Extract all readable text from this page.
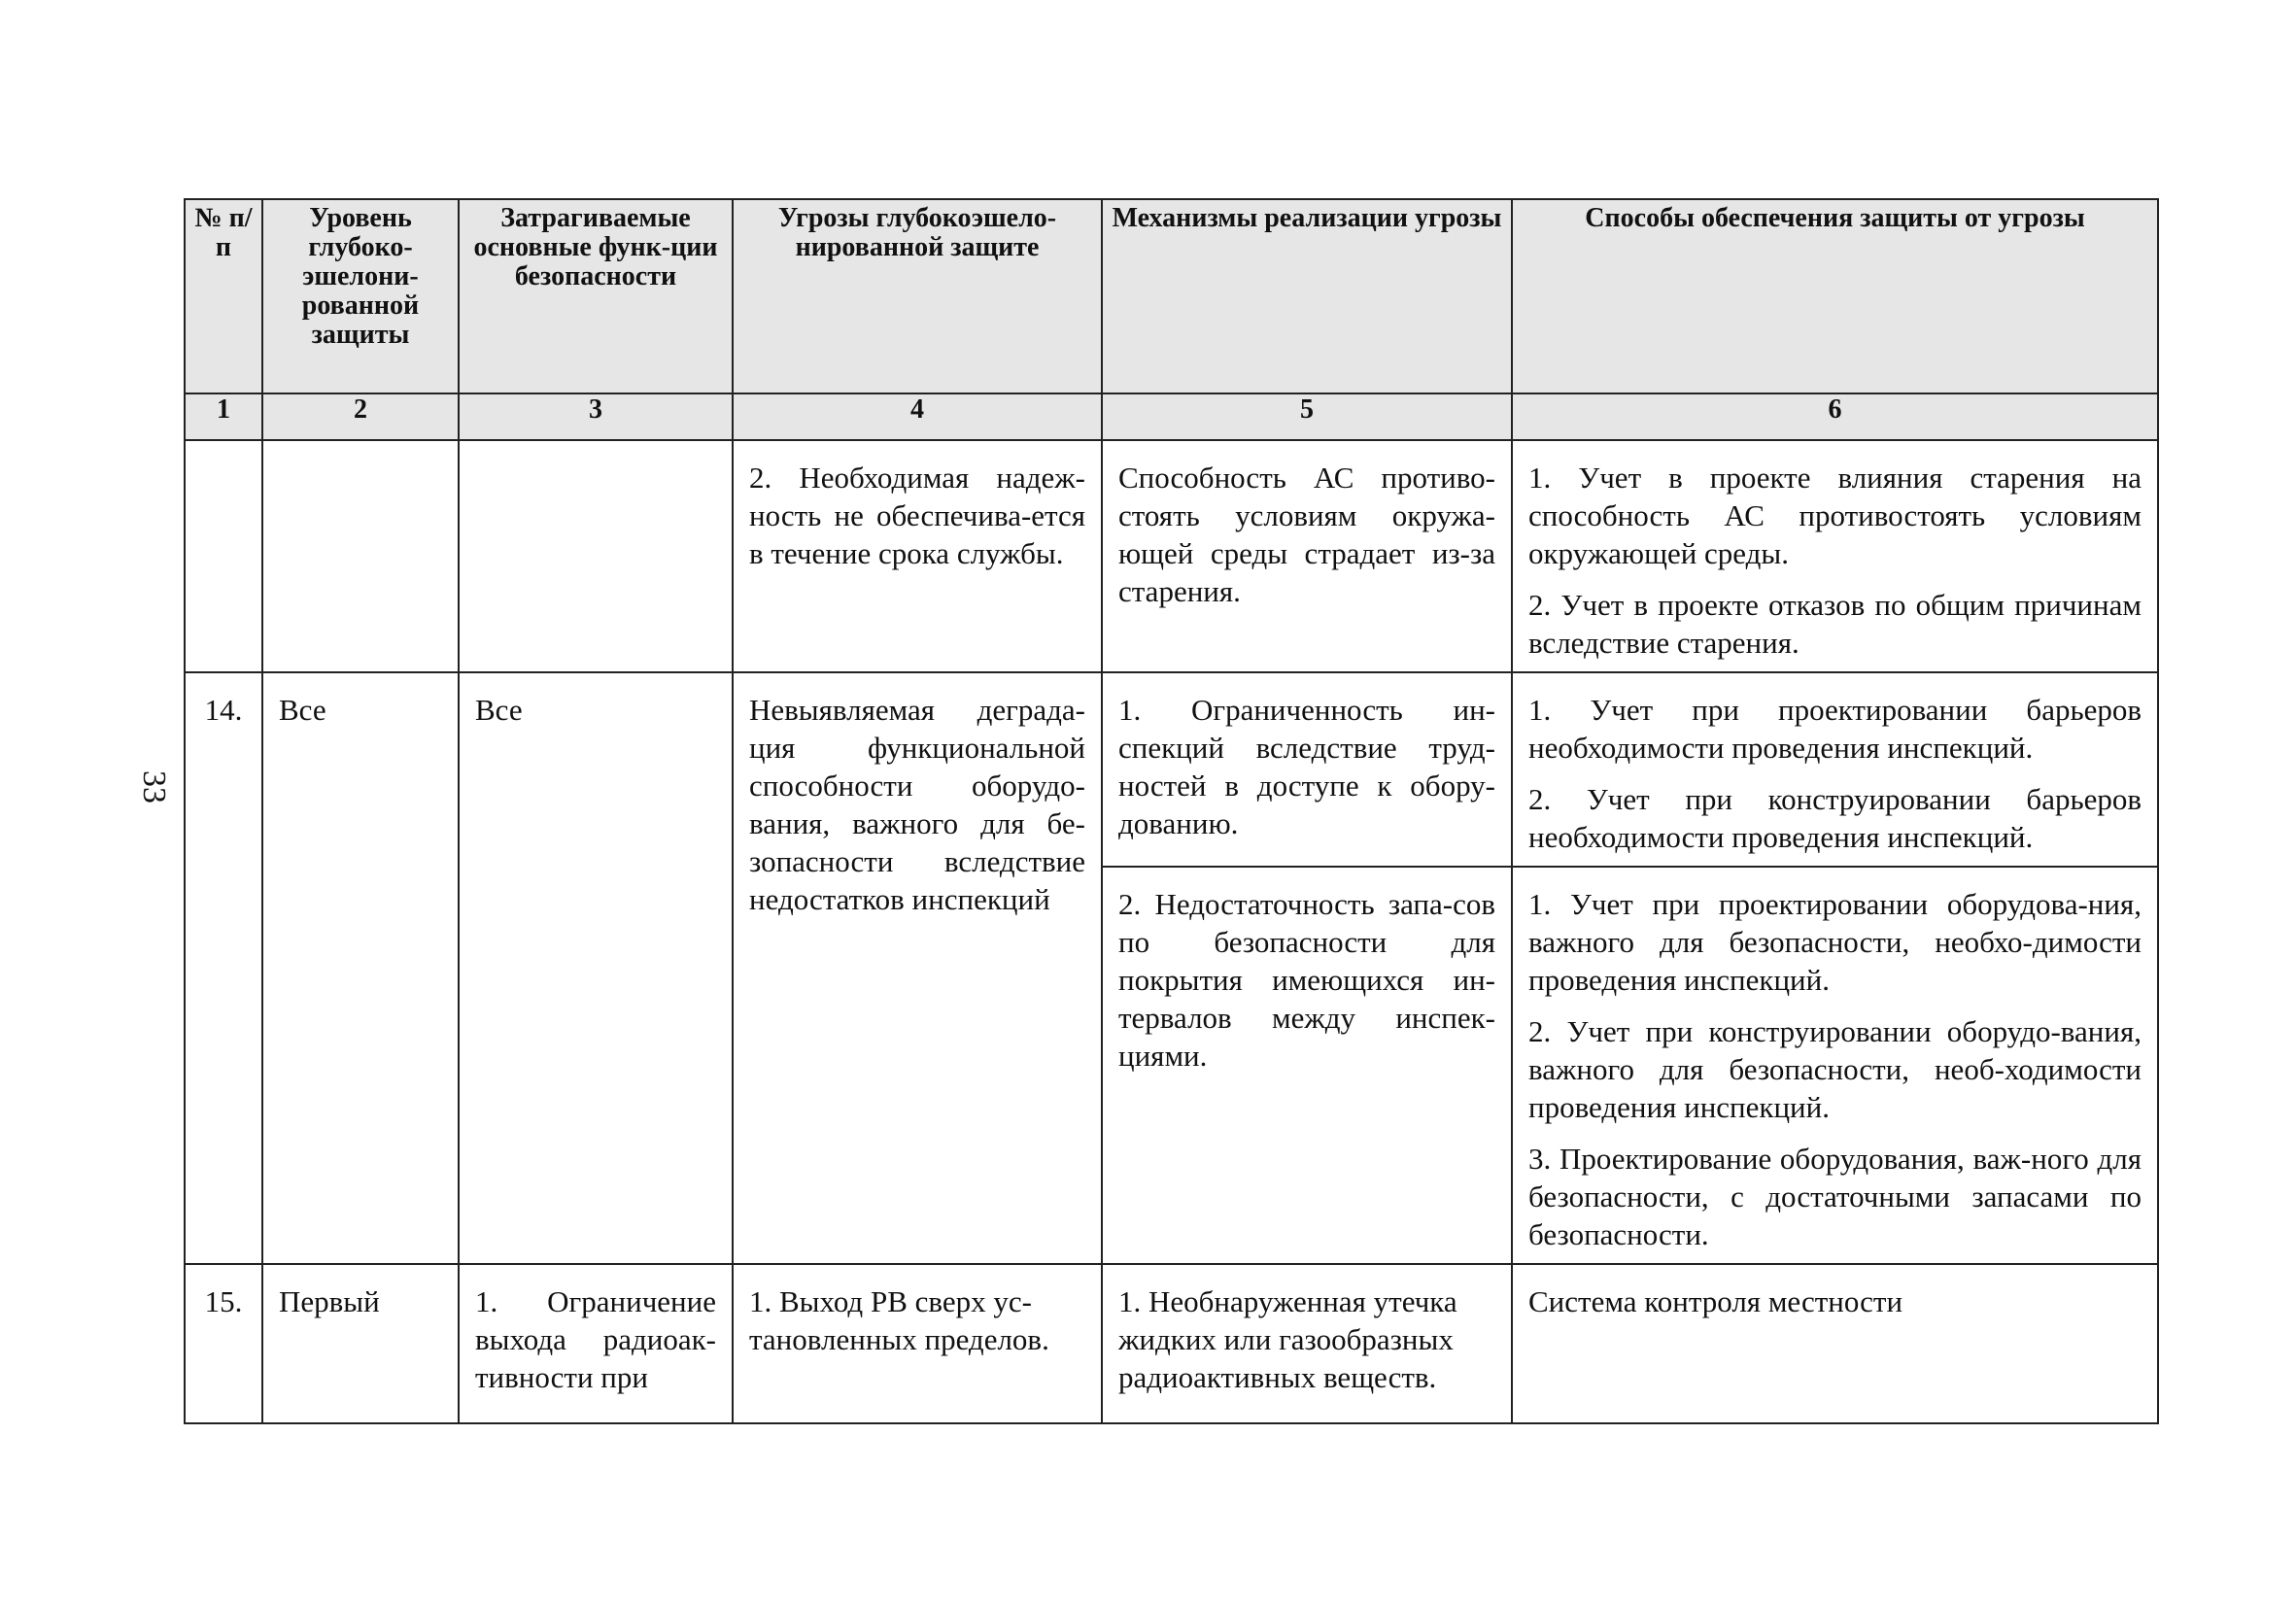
33
№ п/п	Уровень глубоко-эшелони-рованной защиты	Затрагиваемые основные функ-ции безопасности	Угрозы глубокоэшело-нированной защите	Механизмы реализации угрозы	Способы обеспечения защиты от угрозы
1	2	3	4	5	6
			2. Необходимая надеж-ность не обеспечива-ется в течение срока службы.	Способность АС противо-стоять условиям окружа-ющей среды страдает из-за старения.	1. Учет в проекте влияния старения на способность АС противостоять условиям окружающей среды.

2. Учет в проекте отказов по общим причинам вследствие старения.

14.	Все	Все	Невыявляемая деграда-ция функциональной способности оборудо-вания, важного для бе-зопасности вследствие недостатков инспекций	1. Ограниченность ин-спекций вследствие труд-ностей в доступе к обору-дованию.	1. Учет при проектировании барьеров необходимости проведения инспекций.

2. Учет при конструировании барьеров необходимости проведения инспекций.

				2. Недостаточность запа-сов по безопасности для покрытия имеющихся ин-тервалов между инспек-циями.	1. Учет при проектировании оборудова-ния, важного для безопасности, необхо-димости проведения инспекций.

2. Учет при конструировании оборудо-вания, важного для безопасности, необ-ходимости проведения инспекций.

3. Проектирование оборудования, важ-ного для безопасности, с достаточными запасами по безопасности.

15.	Первый	1. Ограничение выхода радиоак-тивности при	1. Выход РВ сверх ус-тановленных пределов.	1. Необнаруженная утечка жидких или газообразных радиоактивных веществ.	Система контроля местности
